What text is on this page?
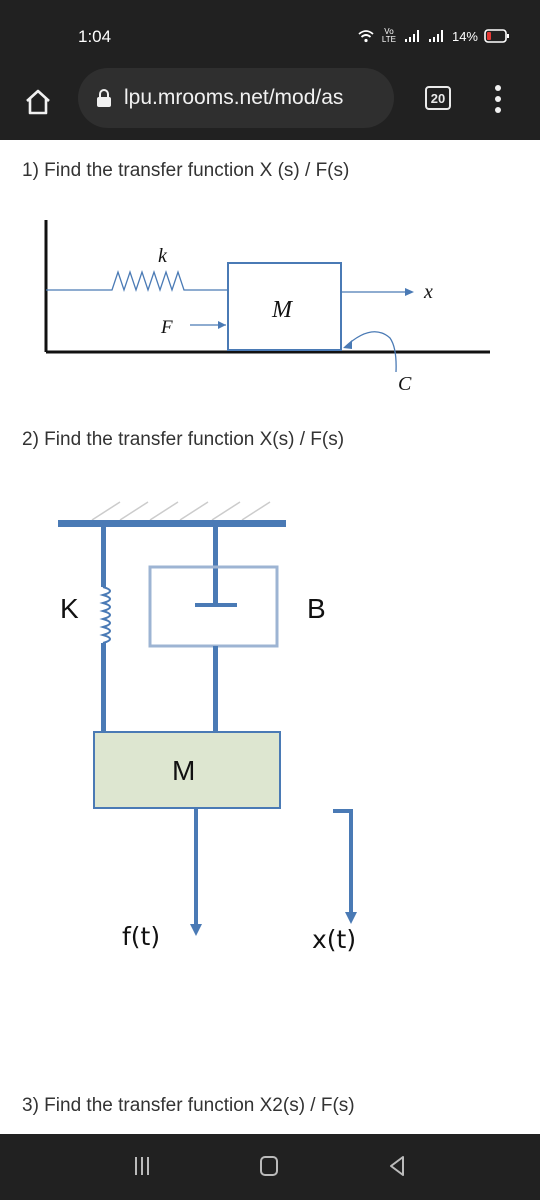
1:04	Vo LTE	14%
lpu.mrooms.net/mod/as	20
1) Find the transfer function X (s) / F(s)
k
M
F
x
C
2) Find the transfer function X(s) / F(s)
K	B
M
f(t)	x(t)
3) Find the transfer function X2(s) / F(s)
